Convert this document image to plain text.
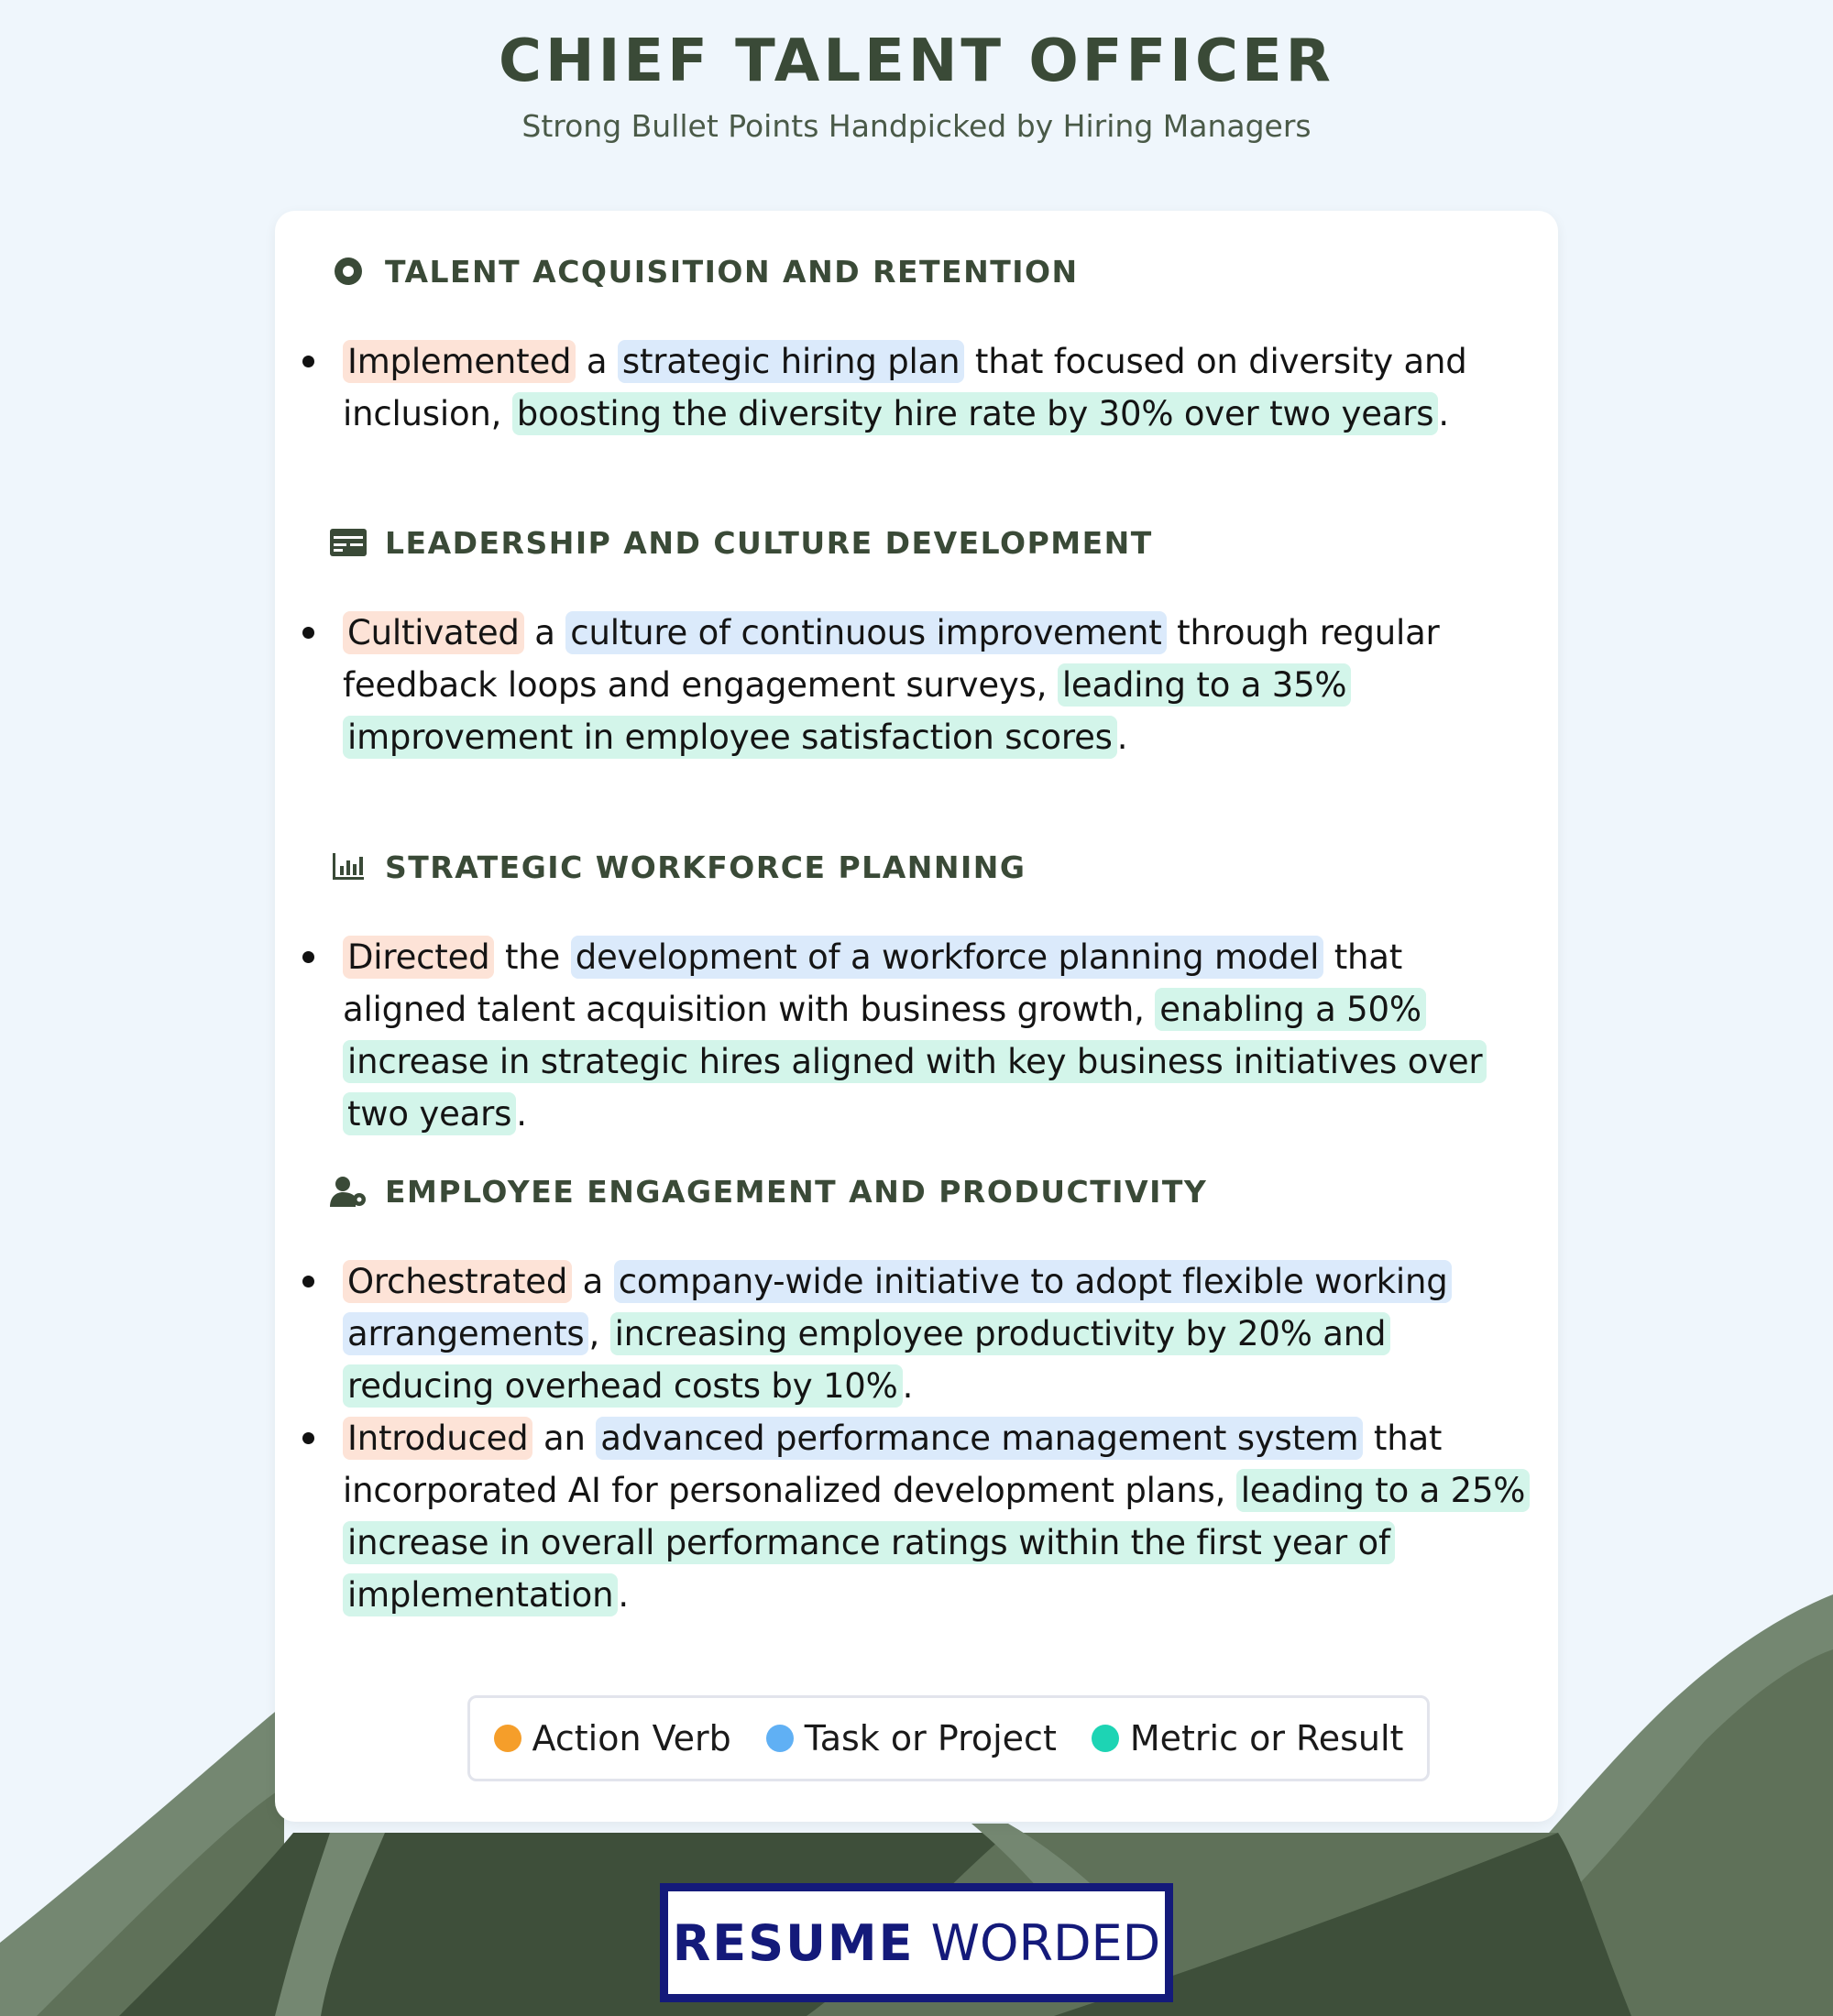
CHIEF TALENT OFFICER
Strong Bullet Points Handpicked by Hiring Managers
TALENT ACQUISITION AND RETENTION
Implemented a strategic hiring plan that focused on diversity and inclusion, boosting the diversity hire rate by 30% over two years .
LEADERSHIP AND CULTURE DEVELOPMENT
Cultivated a culture of continuous improvement through regular feedback loops and engagement surveys, leading to a 35% improvement in employee satisfaction scores .
STRATEGIC WORKFORCE PLANNING
Directed the development of a workforce planning model that aligned talent acquisition with business growth, enabling a 50% increase in strategic hires aligned with key business initiatives over two years .
EMPLOYEE ENGAGEMENT AND PRODUCTIVITY
Orchestrated a company-wide initiative to adopt flexible working arrangements , increasing employee productivity by 20% and reducing overhead costs by 10% .
Introduced an advanced performance management system that incorporated AI for personalized development plans, leading to a 25% increase in overall performance ratings within the first year of implementation .
Action Verb Task or Project Metric or Result
RESUME WORDED
